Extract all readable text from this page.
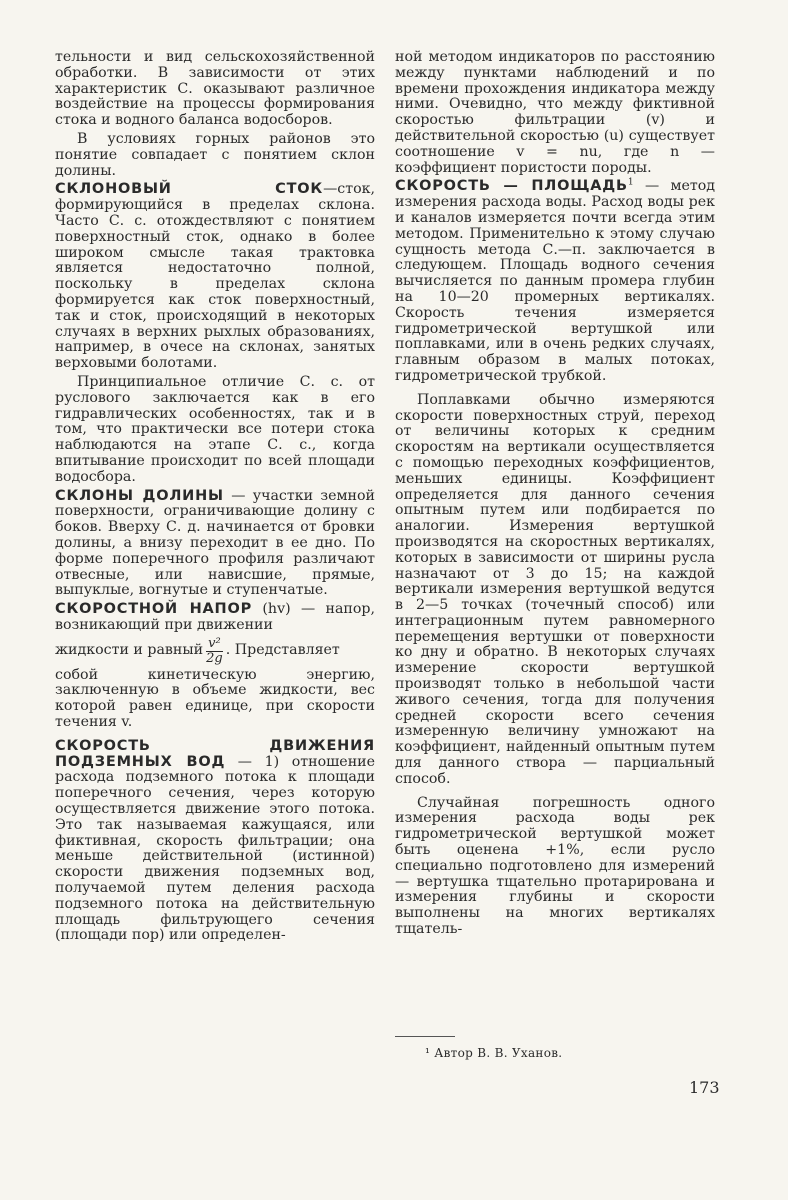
тельности и вид сельскохозяйственной обработки. В зависимости от этих характеристик С. оказывают различное воздействие на процессы формирования стока и водного баланса водосборов.

В условиях горных районов это понятие совпадает с понятием склон долины.

СКЛОНОВЫЙ СТОК—сток, формирующийся в пределах склона. Часто С. с. отождествляют с понятием поверхностный сток, однако в более широком смысле такая трактовка является недостаточно полной, поскольку в пределах склона формируется как сток поверхностный, так и сток, происходящий в некоторых случаях в верхних рыхлых образованиях, например, в очесе на склонах, занятых верховыми болотами.

Принципиальное отличие С. с. от руслового заключается как в его гидравлических особенностях, так и в том, что практически все потери стока наблюдаются на этапе С. с., когда впитывание происходит по всей площади водосбора.

СКЛОНЫ ДОЛИНЫ — участки земной поверхности, ограничивающие долину с боков. Вверху С. д. начинается от бровки долины, а внизу переходит в ее дно. По форме поперечного профиля различают отвесные, или нависшие, прямые, выпуклые, вогнутые и ступенчатые.

СКОРОСТНОЙ НАПОР (hv) — напор, возникающий при движении

жидкости и равный $\frac{\text{v²}}{2g}$ . Представляет

собой кинетическую энергию, заключенную в объеме жидкости, вес которой равен единице, при скорости течения v.

СКОРОСТЬ ДВИЖЕНИЯ ПОДЗЕМНЫХ ВОД — 1) отношение расхода подземного потока к площади поперечного сечения, через которую осуществляется движение этого потока. Это так называемая кажущаяся, или фиктивная, скорость фильтрации; она меньше действительной (истинной) скорости движения подземных вод, получаемой путем деления расхода подземного потока на действительную площадь фильтрующего сечения (площади пор) или определен-

ной методом индикаторов по расстоянию между пунктами наблюдений и по времени прохождения индикатора между ними. Очевидно, что между фиктивной скоростью фильтрации (v) и действительной скоростью (u) существует соотношение v = nu, где n — коэффициент пористости породы.

СКОРОСТЬ — ПЛОЩАДЬ$^1$ — метод измерения расхода воды. Расход воды рек и каналов измеряется почти всегда этим методом. Применительно к этому случаю сущность метода С.—п. заключается в следующем. Площадь водного сечения вычисляется по данным промера глубин на 10—20 промерных вертикалях. Скорость течения измеряется гидрометрической вертушкой или поплавками, или в очень редких случаях, главным образом в малых потоках, гидрометрической трубкой.

Поплавками обычно измеряются скорости поверхностных струй, переход от величины которых к средним скоростям на вертикали осуществляется с помощью переходных коэффициентов, меньших единицы. Коэффициент определяется для данного сечения опытным путем или подбирается по аналогии. Измерения вертушкой производятся на скоростных вертикалях, которых в зависимости от ширины русла назначают от 3 до 15; на каждой вертикали измерения вертушкой ведутся в 2—5 точках (точечный способ) или интеграционным путем равномерного перемещения вертушки от поверхности ко дну и обратно. В некоторых случаях измерение скорости вертушкой производят только в небольшой части живого сечения, тогда для получения средней скорости всего сечения измеренную величину умножают на коэффициент, найденный опытным путем для данного створа — парциальный способ.

Случайная погрешность одного измерения расхода воды рек гидрометрической вертушкой может быть оценена +1%, если русло специально подготовлено для измерений — вертушка тщательно протарирована и измерения глубины и скорости выполнены на многих вертикалях тщатель-

¹ Автор В. В. Уханов.
173
